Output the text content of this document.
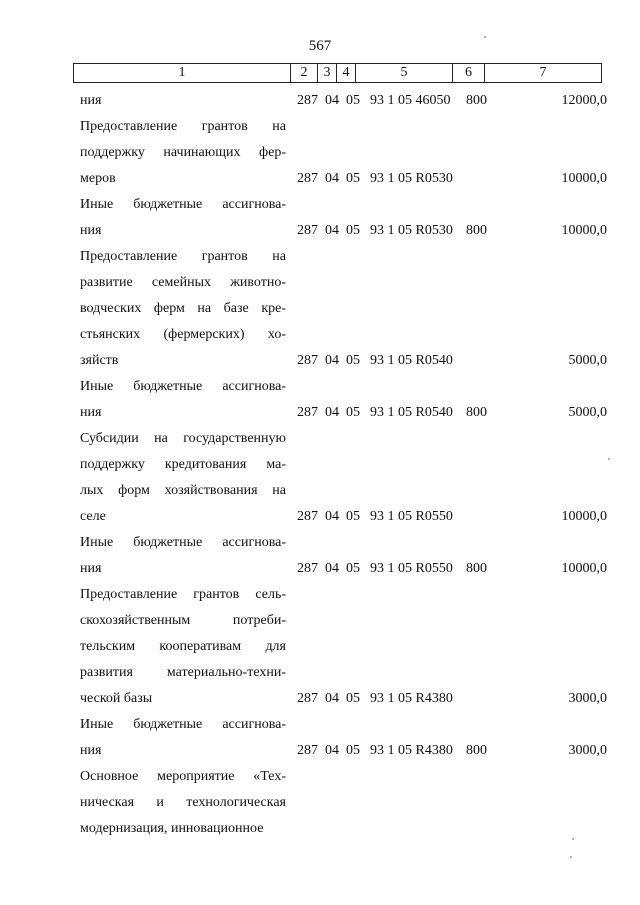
567
1	2	3	4	5	6	7
ния	287 04 05 93 1 05 46050 800	12000,0
Предоставление грантов на
поддержку начинающих фер-
меров	287 04 05 93 1 05 R0530	10000,0
Иные бюджетные ассигнова-
ния	287 04 05 93 1 05 R0530 800	10000,0
Предоставление грантов на
развитие семейных животно-
водческих ферм на базе кре-
стьянских (фермерских) хо-
зяйств	287 04 05 93 1 05 R0540	5000,0
Иные бюджетные ассигнова-
ния	287 04 05 93 1 05 R0540 800	5000,0
Субсидии на государственную
поддержку кредитования ма-
лых форм хозяйствования на
селе	287 04 05 93 1 05 R0550	10000,0
Иные бюджетные ассигнова-
ния	287 04 05 93 1 05 R0550 800	10000,0
Предоставление грантов сель-
скохозяйственным потреби-
тельским кооперативам для
развития материально-техни-
ческой базы	287 04 05 93 1 05 R4380	3000,0
Иные бюджетные ассигнова-
ния	287 04 05 93 1 05 R4380 800	3000,0
Основное мероприятие «Тех-
ническая и технологическая
модернизация, инновационное
